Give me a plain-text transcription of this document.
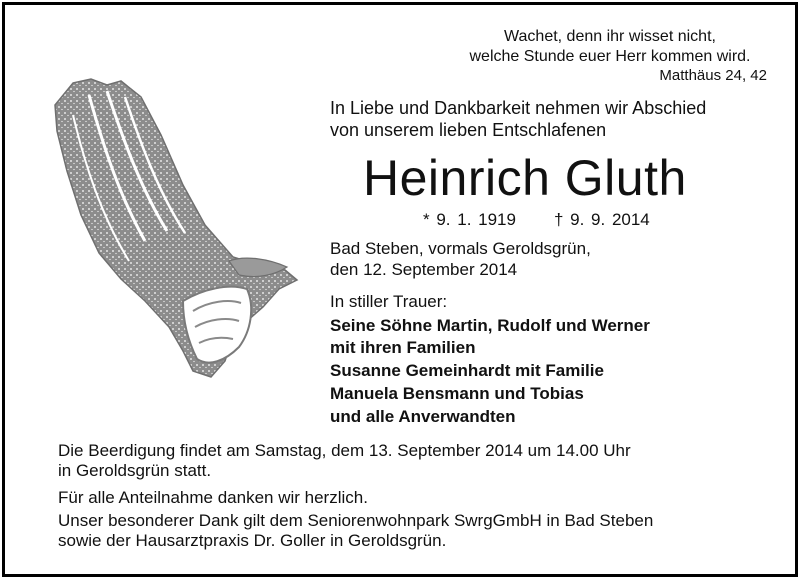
Wachet, denn ihr wisset nicht,
welche Stunde euer Herr kommen wird.
Matthäus 24, 42
In Liebe und Dankbarkeit nehmen wir Abschied
von unserem lieben Entschlafenen
Heinrich Gluth
* 9. 1. 1919 † 9. 9. 2014
Bad Steben, vormals Geroldsgrün,
den 12. September 2014
In stiller Trauer:
Seine Söhne Martin, Rudolf und Werner
mit ihren Familien
Susanne Gemeinhardt mit Familie
Manuela Bensmann und Tobias
und alle Anverwandten
Die Beerdigung findet am Samstag, dem 13. September 2014 um 14.00 Uhr
in Geroldsgrün statt.
Für alle Anteilnahme danken wir herzlich.
Unser besonderer Dank gilt dem Seniorenwohnpark SwrgGmbH in Bad Steben
sowie der Hausarztpraxis Dr. Goller in Geroldsgrün.
